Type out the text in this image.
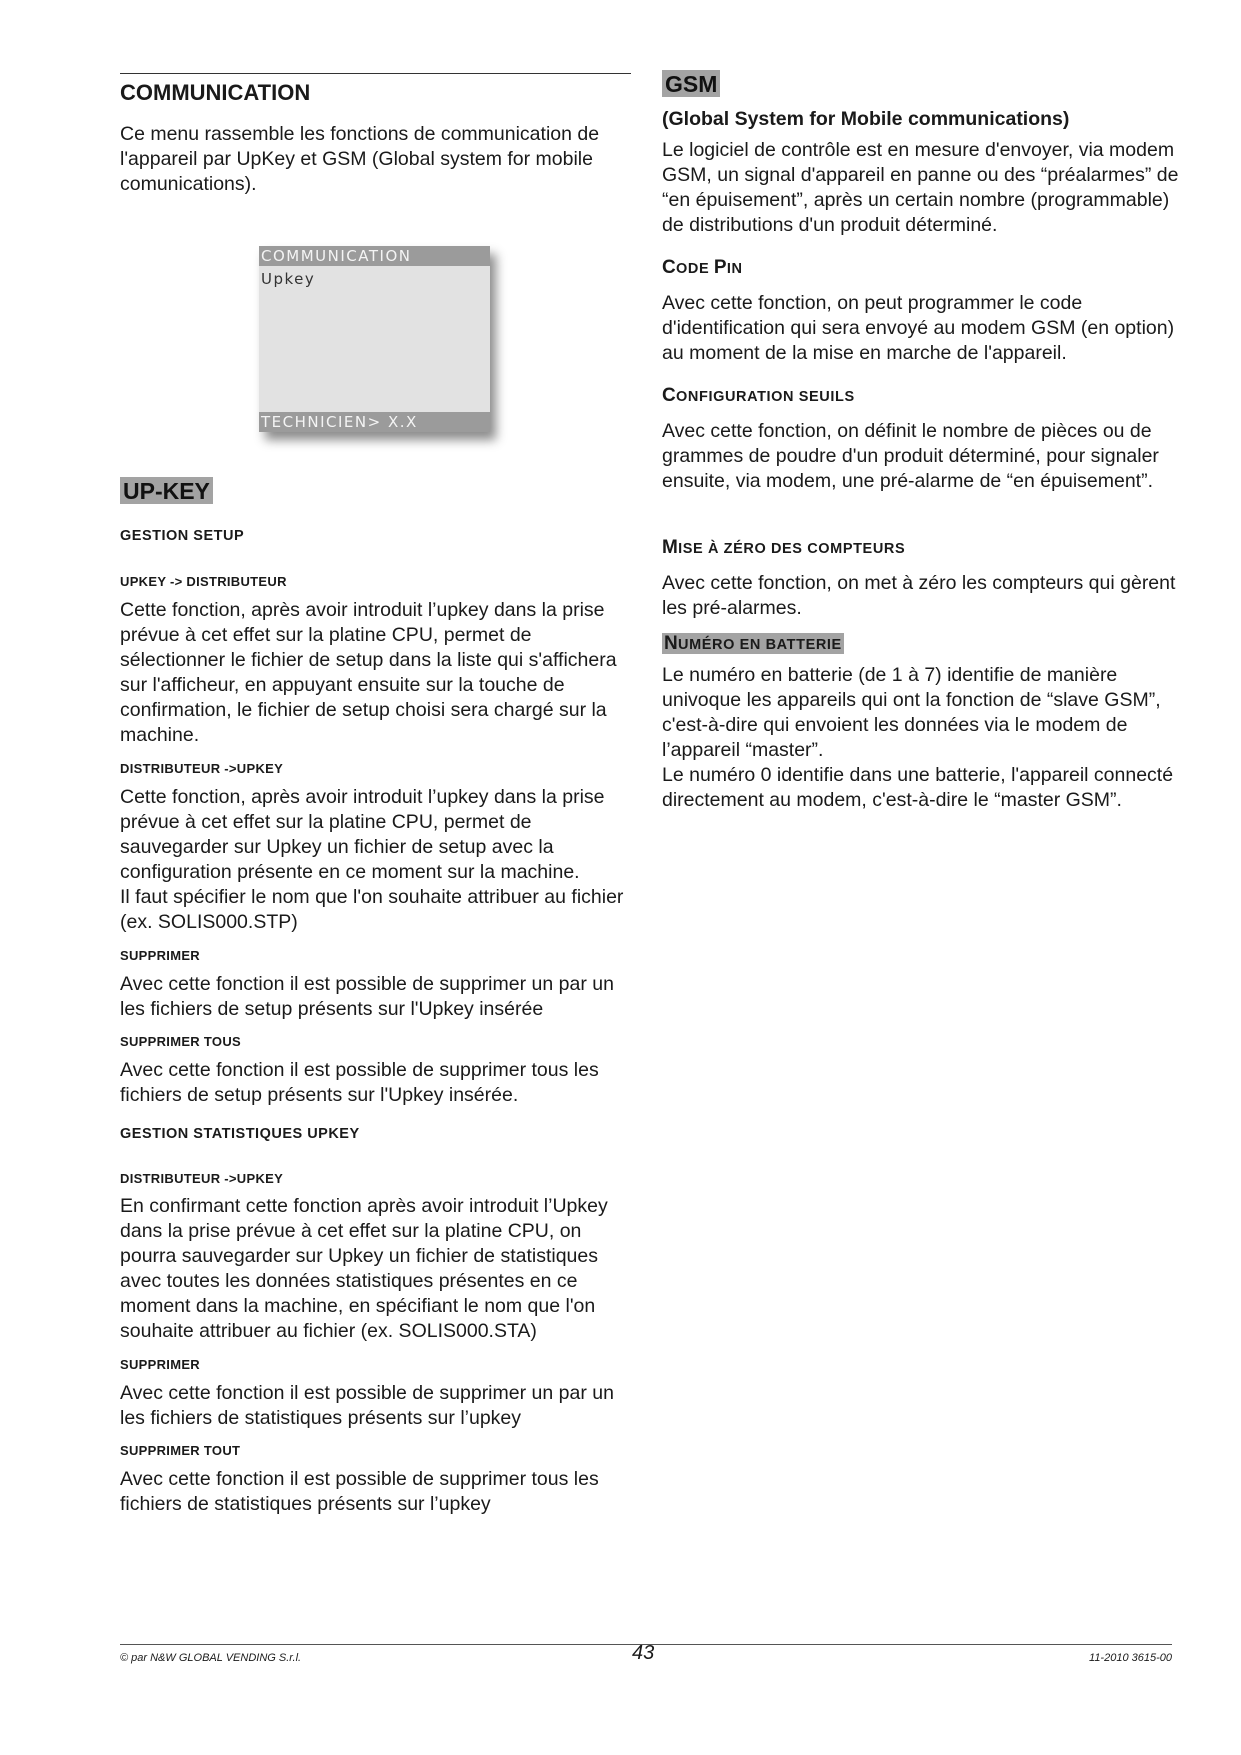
COMMUNICATION

Ce menu rassemble les fonctions de communication de l'appareil par UpKey et GSM (Global system for mobile comunications).

COMMUNICATION
Upkey
TECHNICIEN> X.X
UP-KEY
GESTION SETUP
UPKEY -> DISTRIBUTEUR

Cette fonction, après avoir introduit l’upkey dans la prise prévue à cet effet sur la platine CPU, permet de sélectionner le fichier de setup dans la liste qui s'affichera sur l'afficheur, en appuyant ensuite sur la touche de confirmation, le fichier de setup choisi sera chargé sur la machine.

DISTRIBUTEUR ->UPKEY

Cette fonction, après avoir introduit l’upkey dans la prise prévue à cet effet sur la platine CPU, permet de sauvegarder sur Upkey un fichier de setup avec la configuration présente en ce moment sur la machine.

Il faut spécifier le nom que l'on souhaite attribuer au fichier (ex. SOLIS000.STP)

SUPPRIMER

Avec cette fonction il est possible de supprimer un par un les fichiers de setup présents sur l'Upkey insérée

SUPPRIMER TOUS

Avec cette fonction il est possible de supprimer tous les fichiers de setup présents sur l'Upkey insérée.

GESTION STATISTIQUES UPKEY
DISTRIBUTEUR ->UPKEY

En confirmant cette fonction après avoir introduit l’Upkey dans la prise prévue à cet effet sur la platine CPU, on pourra sauvegarder sur Upkey un fichier de statistiques avec toutes les données statistiques présentes en ce moment dans la machine, en spécifiant le nom que l'on souhaite attribuer au fichier (ex. SOLIS000.STA)

SUPPRIMER

Avec cette fonction il est possible de supprimer un par un les fichiers de statistiques présents sur l’upkey

SUPPRIMER TOUT

Avec cette fonction il est possible de supprimer tous les fichiers de statistiques présents sur l’upkey

GSM
(Global System for Mobile communications)

Le logiciel de contrôle est en mesure d'envoyer, via modem GSM, un signal d'appareil en panne ou des “préalarmes” de “en épuisement”, après un certain nombre (programmable) de distributions d'un produit déterminé.

CODE PIN

Avec cette fonction, on peut programmer le code d'identification qui sera envoyé au modem GSM (en option) au moment de la mise en marche de l'appareil.

CONFIGURATION SEUILS

Avec cette fonction, on définit le nombre de pièces ou de grammes de poudre d'un produit déterminé, pour signaler ensuite, via modem, une pré-alarme de “en épuisement”.

MISE À ZÉRO DES COMPTEURS

Avec cette fonction, on met à zéro les compteurs qui gèrent les pré-alarmes.

NUMÉRO EN BATTERIE

Le numéro en batterie (de 1 à 7) identifie de manière univoque les appareils qui ont la fonction de “slave GSM”, c'est-à-dire qui envoient les données via le modem de l’appareil “master”.

Le numéro 0 identifie dans une batterie, l'appareil connecté directement au modem, c'est-à-dire le “master GSM”.

© par N&W GLOBAL VENDING S.r.l.	43	11-2010 3615-00
